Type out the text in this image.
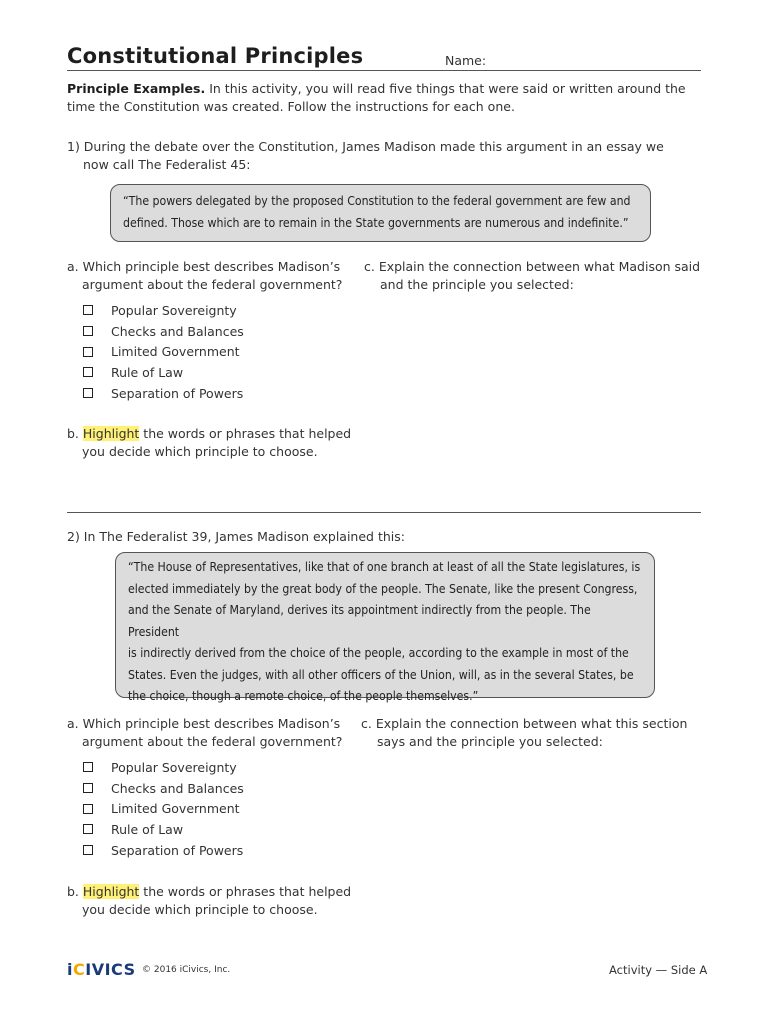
Constitutional Principles	Name:
Principle Examples. In this activity, you will read five things that were said or written around the time the Constitution was created. Follow the instructions for each one.
1) During the debate over the Constitution, James Madison made this argument in an essay we
now call The Federalist 45:
“The powers delegated by the proposed Constitution to the federal government are few and
defined. Those which are to remain in the State governments are numerous and indefinite.”
a. Which principle best describes Madison’s
argument about the federal government?
Popular Sovereignty
Checks and Balances
Limited Government
Rule of Law
Separation of Powers
b. Highlight the words or phrases that helped
you decide which principle to choose.
c. Explain the connection between what Madison said
and the principle you selected:
2) In The Federalist 39, James Madison explained this:
“The House of Representatives, like that of one branch at least of all the State legislatures, is
elected immediately by the great body of the people. The Senate, like the present Congress,
and the Senate of Maryland, derives its appointment indirectly from the people. The President
is indirectly derived from the choice of the people, according to the example in most of the
States. Even the judges, with all other officers of the Union, will, as in the several States, be
the choice, though a remote choice, of the people themselves.”
a. Which principle best describes Madison’s
argument about the federal government?
Popular Sovereignty
Checks and Balances
Limited Government
Rule of Law
Separation of Powers
b. Highlight the words or phrases that helped
you decide which principle to choose.
c. Explain the connection between what this section
says and the principle you selected:
iCIVICS © 2016 iCivics, Inc.	Activity — Side A
